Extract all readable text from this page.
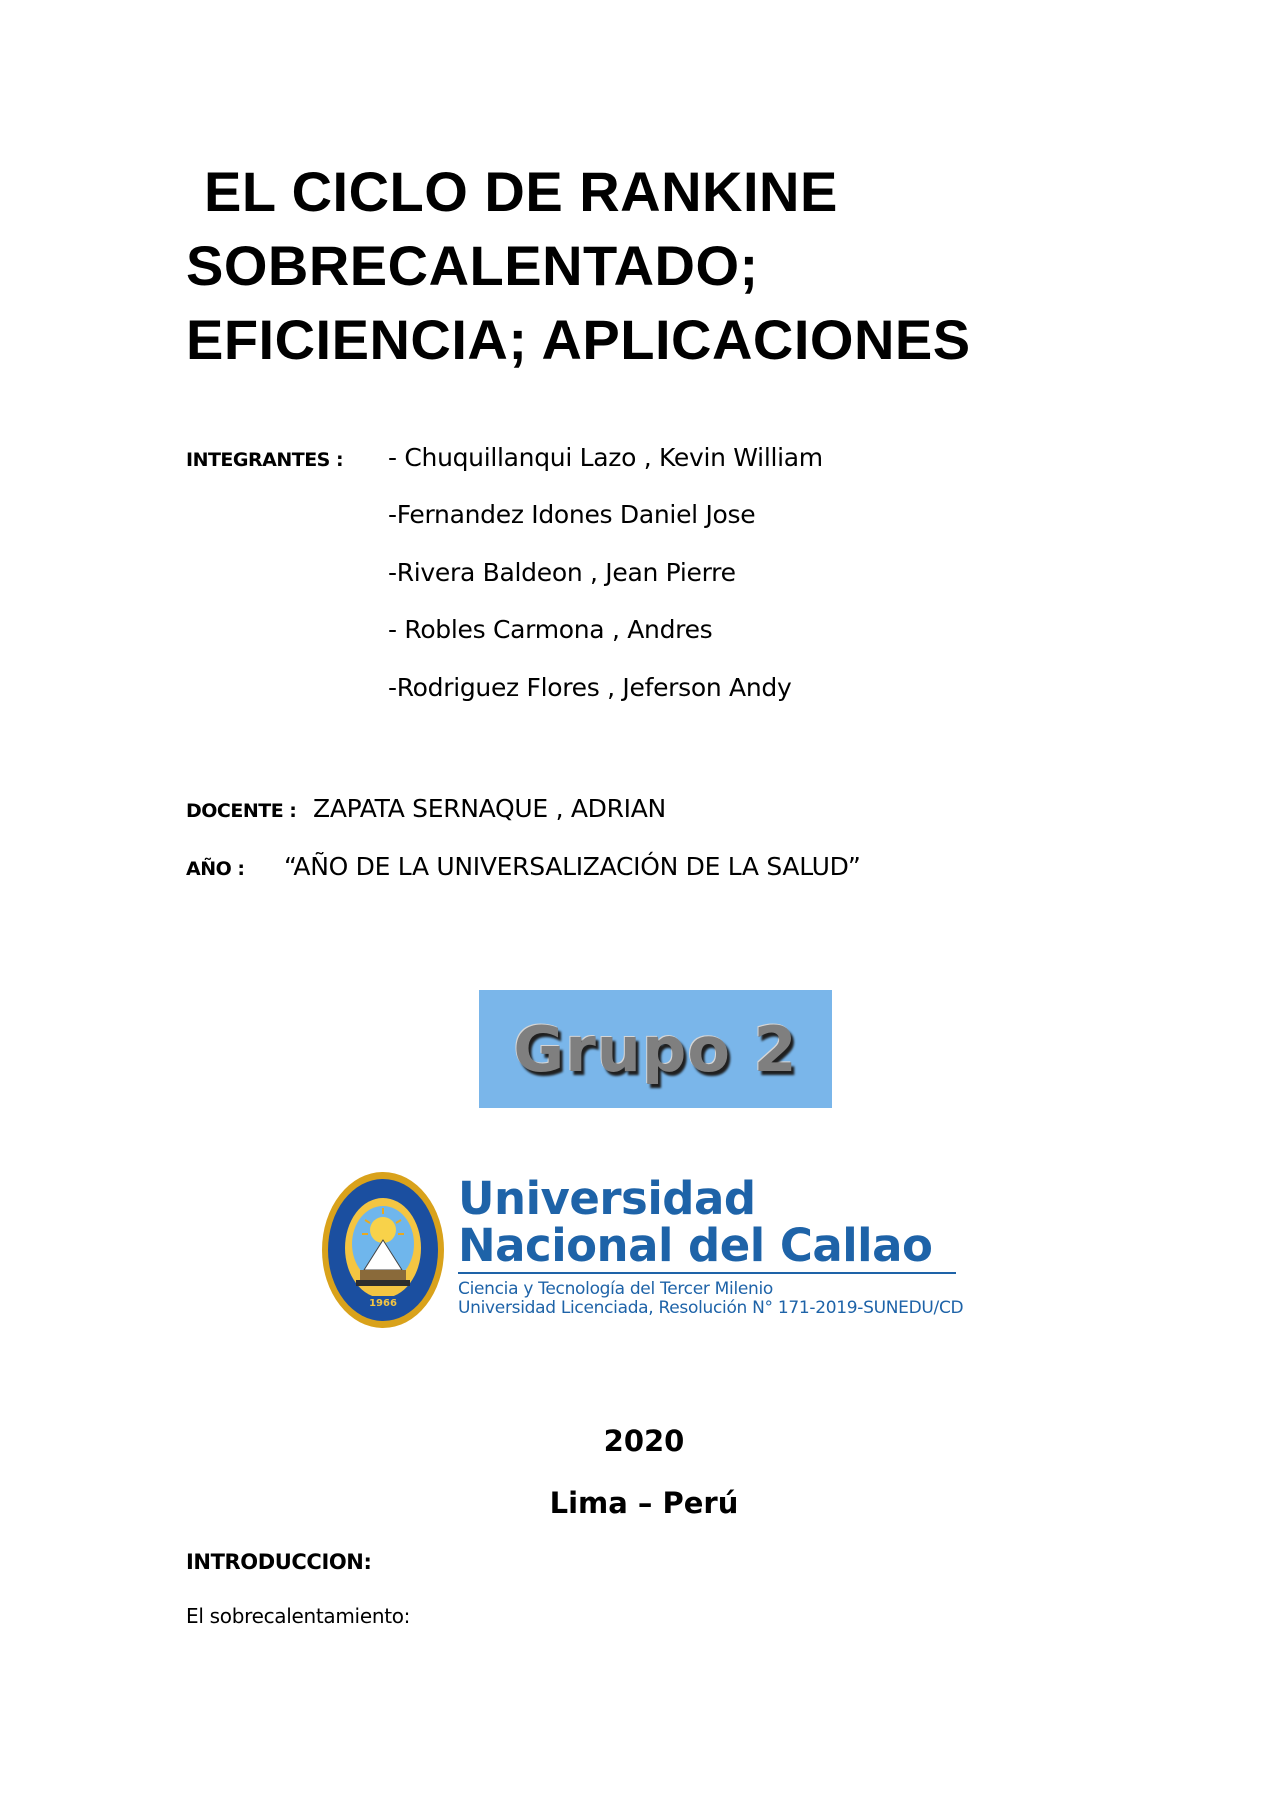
EL CICLO DE RANKINE
SOBRECALENTADO;
EFICIENCIA; APLICACIONES
INTEGRANTES : - Chuquillanqui Lazo , Kevin William
-Fernandez Idones Daniel Jose
-Rivera Baldeon , Jean Pierre
- Robles Carmona , Andres
-Rodriguez Flores , Jeferson Andy
DOCENTE : ZAPATA SERNAQUE , ADRIAN
AÑO : “AÑO DE LA UNIVERSALIZACIÓN DE LA SALUD”
Grupo 2
1966
Universidad
Nacional del Callao
Ciencia y Tecnología del Tercer Milenio
Universidad Licenciada, Resolución N° 171-2019-SUNEDU/CD
2020
Lima – Perú
INTRODUCCION:
El sobrecalentamiento:
